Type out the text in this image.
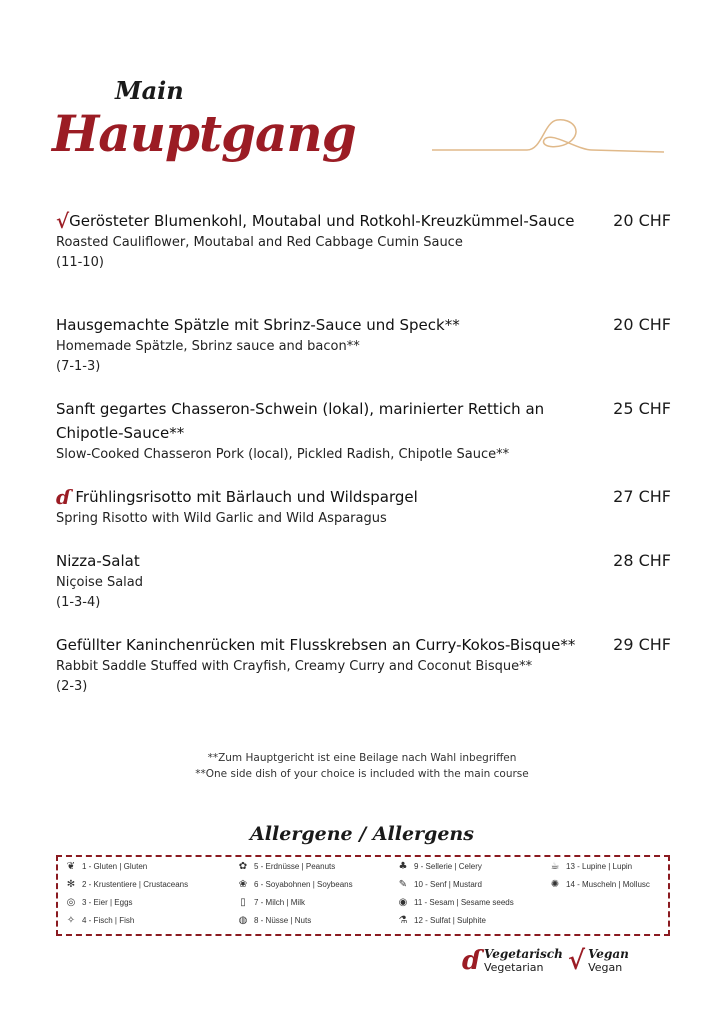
Main
Hauptgang
√Gerösteter Blumenkohl, Moutabal und Rotkohl-Kreuzkümmel-Sauce	20 CHF
Roasted Cauliflower, Moutabal and Red Cabbage Cumin Sauce
(11-10)
Hausgemachte Spätzle mit Sbrinz-Sauce und Speck**	20 CHF
Homemade Spätzle, Sbrinz sauce and bacon**
(7-1-3)
Sanft gegartes Chasseron-Schwein (lokal), marinierter Rettich an Chipotle-Sauce**
25 CHF
Slow-Cooked Chasseron Pork (local), Pickled Radish, Chipotle Sauce**
ɗ Frühlingsrisotto mit Bärlauch und Wildspargel	27 CHF
Spring Risotto with Wild Garlic and Wild Asparagus
Nizza-Salat	28 CHF
Niçoise Salad
(1-3-4)
Gefüllter Kaninchenrücken mit Flusskrebsen an Curry-Kokos-Bisque**	29 CHF
Rabbit Saddle Stuffed with Crayfish, Creamy Curry and Coconut Bisque**
(2-3)
**Zum Hauptgericht ist eine Beilage nach Wahl inbegriffen
**One side dish of your choice is included with the main course
Allergene / Allergens
❦ 1 - Gluten | Gluten
✻ 2 - Krustentiere | Crustaceans
◎ 3 - Eier | Eggs
✧ 4 - Fisch | Fish
✿ 5 - Erdnüsse | Peanuts
❀ 6 - Soyabohnen | Soybeans
▯	7 - Milch | Milk
◍ 8 - Nüsse | Nuts
♣ 9 - Sellerie | Celery
✎ 10 - Senf | Mustard
◉ 11 - Sesam | Sesame seeds
⚗ 12 - Sulfat | Sulphite
☕ 13 - Lupine | Lupin
✺ 14 - Muscheln | Mollusc
ɗ Vegetarisch
Vegetarian √ Vegan
Vegan
